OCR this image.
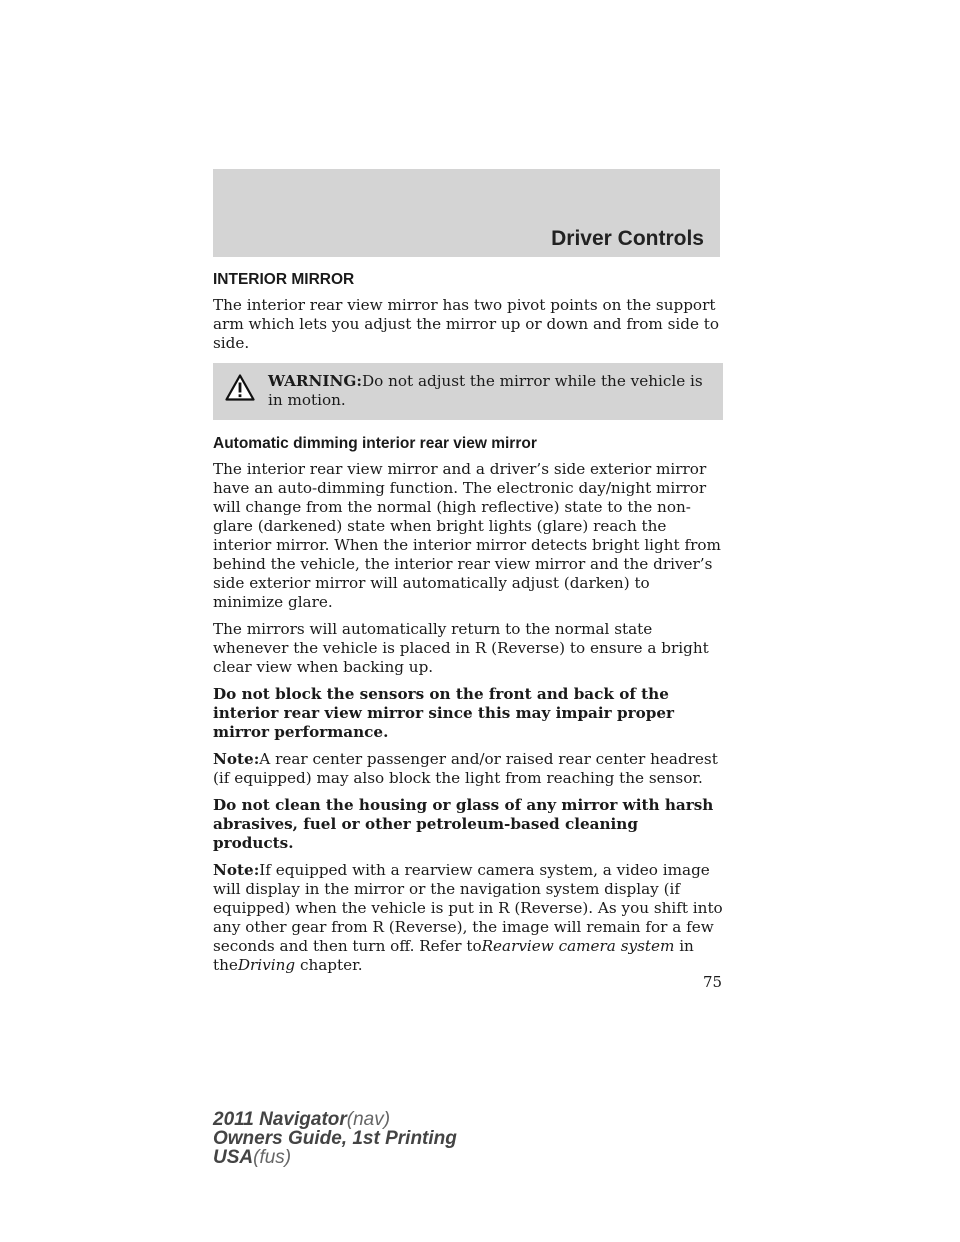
Driver Controls
INTERIOR MIRROR

The interior rear view mirror has two pivot points on the support arm which lets you adjust the mirror up or down and from side to side.

WARNING:Do not adjust the mirror while the vehicle is in motion.
Automatic dimming interior rear view mirror

The interior rear view mirror and a driver’s side exterior mirror have an auto-dimming function. The electronic day/night mirror will change from the normal (high reflective) state to the non-glare (darkened) state when bright lights (glare) reach the interior mirror. When the interior mirror detects bright light from behind the vehicle, the interior rear view mirror and the driver’s side exterior mirror will automatically adjust (darken) to minimize glare.

The mirrors will automatically return to the normal state whenever the vehicle is placed in R (Reverse) to ensure a bright clear view when backing up.

Do not block the sensors on the front and back of the interior rear view mirror since this may impair proper mirror performance.

Note:A rear center passenger and/or raised rear center headrest (if equipped) may also block the light from reaching the sensor.

Do not clean the housing or glass of any mirror with harsh abrasives, fuel or other petroleum-based cleaning products.

Note:If equipped with a rearview camera system, a video image will display in the mirror or the navigation system display (if equipped) when the vehicle is put in R (Reverse). As you shift into any other gear from R (Reverse), the image will remain for a few seconds and then turn off. Refer toRearview camera system in theDriving chapter.

75
2011 Navigator(nav)
Owners Guide, 1st Printing
USA(fus)
